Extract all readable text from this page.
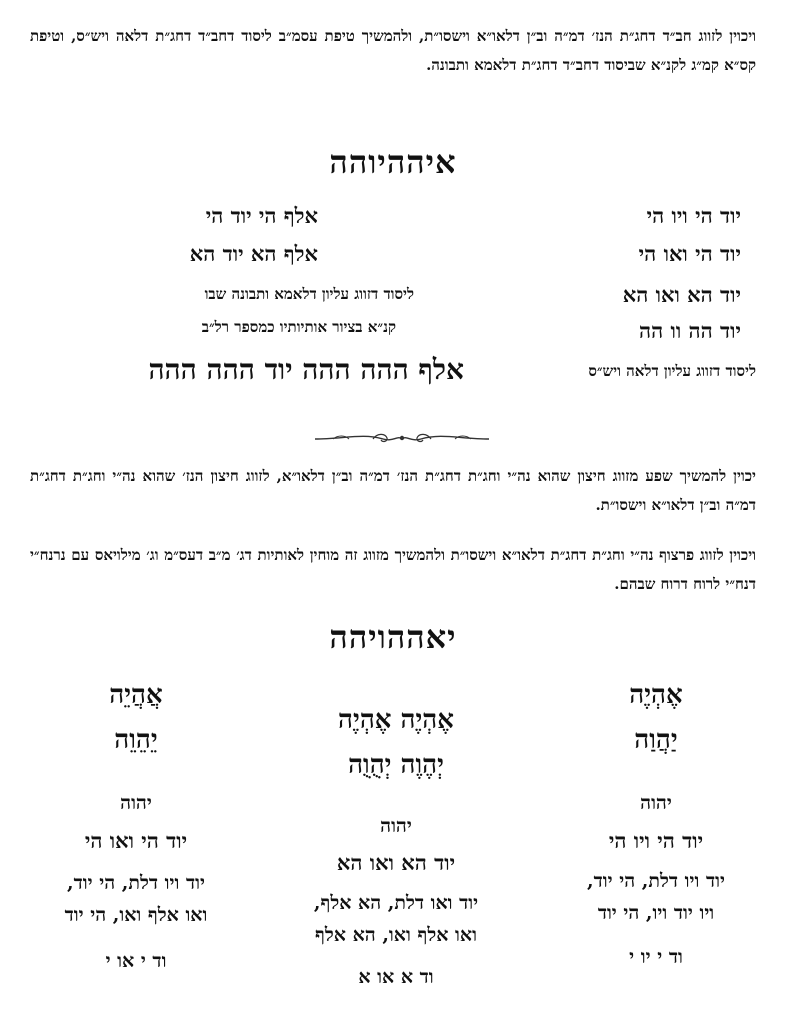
ויכוין לזווג חב״ד דחג״ת הנז׳ דמ״ה וב״ן דלאו״א וישסו״ת, ולהמשיך טיפת עסמ״ב ליסוד דחב״ד דחג״ת דלאה ויש״ס, וטיפת קס״א קמ״ג לקנ״א שביסוד דחב״ד דחג״ת דלאמא ותבונה.
איההיוהה
יוד הי ויו הי
יוד הי ואו הי
יוד הא ואו הא
יוד הה וו הה
ליסוד דזווג עליון דלאה ויש״ס
אלף הי יוד הי
אלף הא יוד הא
ליסוד דזווג עליון דלאמא ותבונה שבו
קנ״א בציור אותיותיו כמספר רל״ב
אלף ההה ההה יוד ההה ההה
יכוין להמשיך שפע מזווג חיצון שהוא נה״י וחג״ת דחג״ת הנז׳ דמ״ה וב״ן דלאו״א, לזווג חיצון הנז׳ שהוא נה״י וחג״ת דחג״ת דמ״ה וב״ן דלאו״א וישסו״ת.
ויכוין לזווג פרצוף נה״י וחג״ת דחג״ת דלאו״א וישסו״ת ולהמשיך מזווג זה מוחין לאותיות דג׳ מ״ב דעס״מ וג׳ מילויאס עם נרנח״י דנח״י לרוח דרוח שבהם.
יאההויהה
אֶהְיֶה
יַהֲוַה
יהוה
יוד הי ויו הי
יוד ויו דלת, הי יוד,
ויו יוד ויו, הי יוד
וד י יו י
אֶהְיֶה אֶהְיֶה
יְהֶוֶה יְהֻוֻה
יהוה
יוד הא ואו הא
יוד ואו דלת, הא אלף,
ואו אלף ואו, הא אלף
וד א או א
אֲהֲיֵה
יֵהֵוֵה
יהוה
יוד הי ואו הי
יוד ויו דלת, הי יוד,
ואו אלף ואו, הי יוד
וד י או י
